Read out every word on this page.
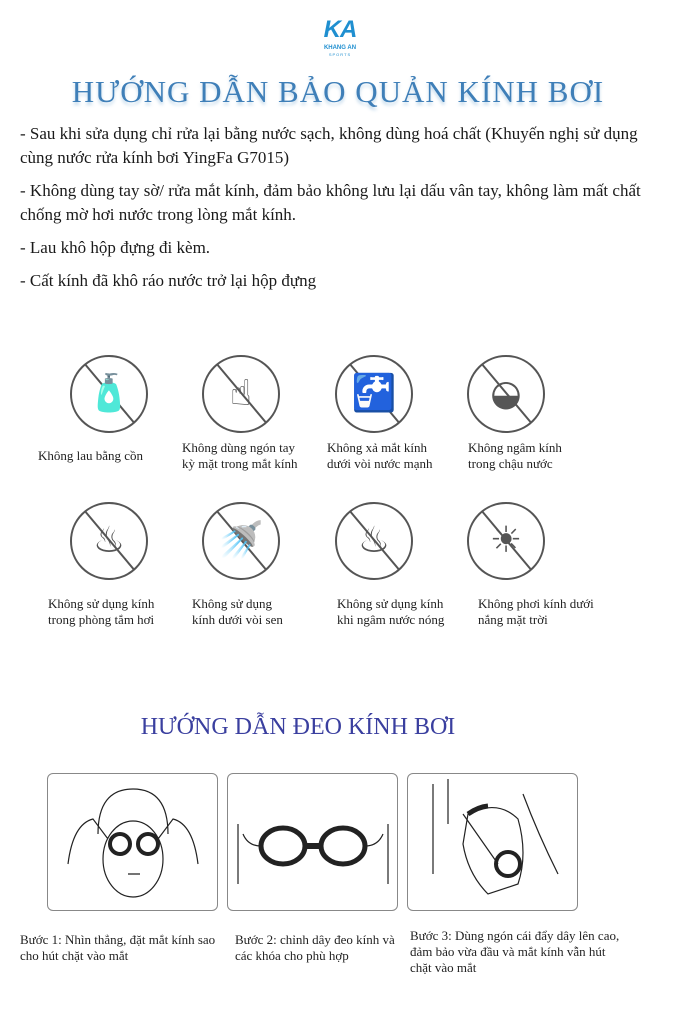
KA
KHANG AN
SPORTS
HƯỚNG DẪN BẢO QUẢN KÍNH BƠI
- Sau khi sửa dụng chỉ rửa lại bằng nước sạch, không dùng hoá chất (Khuyến nghị sử dụng cùng nước rửa kính bơi YingFa G7015)
- Không dùng tay sờ/ rửa mắt kính, đảm bảo không lưu lại dấu vân tay, không làm mất chất chống mờ hơi nước trong lòng mắt kính.
- Lau khô hộp đựng đi kèm.
- Cất kính đã khô ráo nước trở lại hộp đựng
🧴
Không lau bằng cồn
☝
Không dùng ngón tay
kỳ mặt trong mắt kính
🚰
Không xả mắt kính
dưới vòi nước mạnh
◒
Không ngâm kính
trong chậu nước
♨
Không sử dụng kính
trong phòng tắm hơi
🚿
Không sử dụng
kính dưới vòi sen
♨
Không sử dụng kính
khi ngâm nước nóng
☀
Không phơi kính dưới
nắng mặt trời
HƯỚNG DẪN ĐEO KÍNH BƠI
Bước 1: Nhìn thẳng, đặt mắt kính sao cho hút chặt vào mắt
Bước 2: chỉnh dây đeo kính và các khóa cho phù hợp
Bước 3: Dùng ngón cái đẩy dây lên cao, đảm bảo vừa đầu và mắt kính vẫn hút chặt vào mắt
